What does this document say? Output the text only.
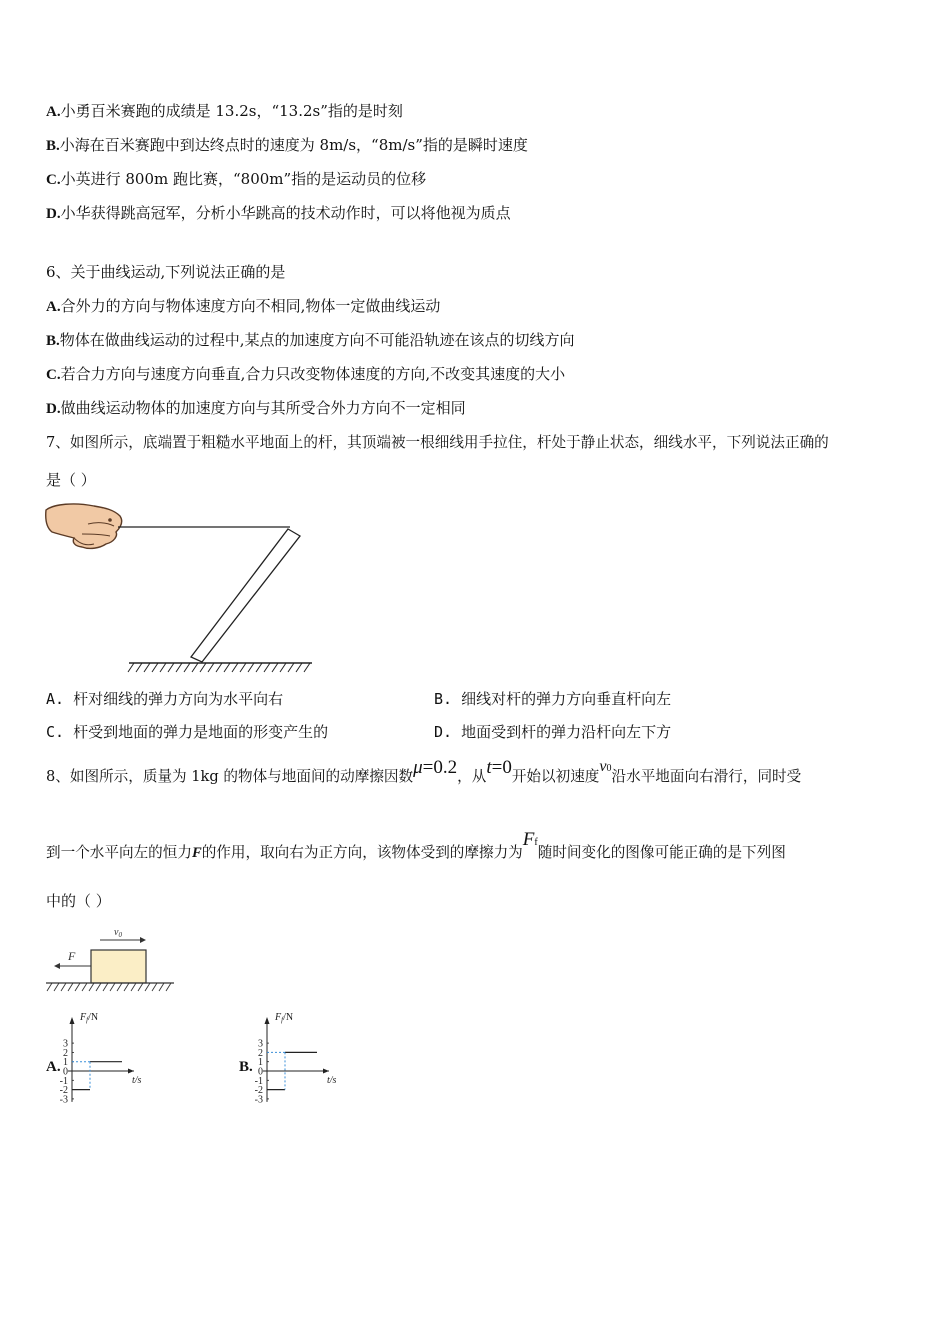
A.小勇百米赛跑的成绩是 13.2s，“13.2s”指的是时刻
B.小海在百米赛跑中到达终点时的速度为 8m/s，“8m/s”指的是瞬时速度
C.小英进行 800m 跑比赛，“800m”指的是运动员的位移
D.小华获得跳高冠军，分析小华跳高的技术动作时，可以将他视为质点
6、关于曲线运动,下列说法正确的是
A.合外力的方向与物体速度方向不相同,物体一定做曲线运动
B.物体在做曲线运动的过程中,某点的加速度方向不可能沿轨迹在该点的切线方向
C.若合力方向与速度方向垂直,合力只改变物体速度的方向,不改变其速度的大小
D.做曲线运动物体的加速度方向与其所受合外力方向不一定相同
7、如图所示，底端置于粗糙水平地面上的杆，其顶端被一根细线用手拉住，杆处于静止状态，细线水平，下列说法正确的
是（ ）
A. 杆对细线的弹力方向为水平向右	B. 细线对杆的弹力方向垂直杆向左
C. 杆受到地面的弹力是地面的形变产生的	D. 地面受到杆的弹力沿杆向左下方
8、如图所示，质量为 1kg 的物体与地面间的动摩擦因数μ=0.2，从t=0开始以初速度v0沿水平地面向右滑行，同时受
到一个水平向左的恒力F的作用，取向右为正方向，该物体受到的摩擦力为Ff随时间变化的图像可能正确的是下列图
中的（ ）
$v_0$
F
A.
$F_f/N$
t/s
3
2
1
0
-1
-2
-3
B.
$F_f/N$
t/s
3
2
1
0
-1
-2
-3
